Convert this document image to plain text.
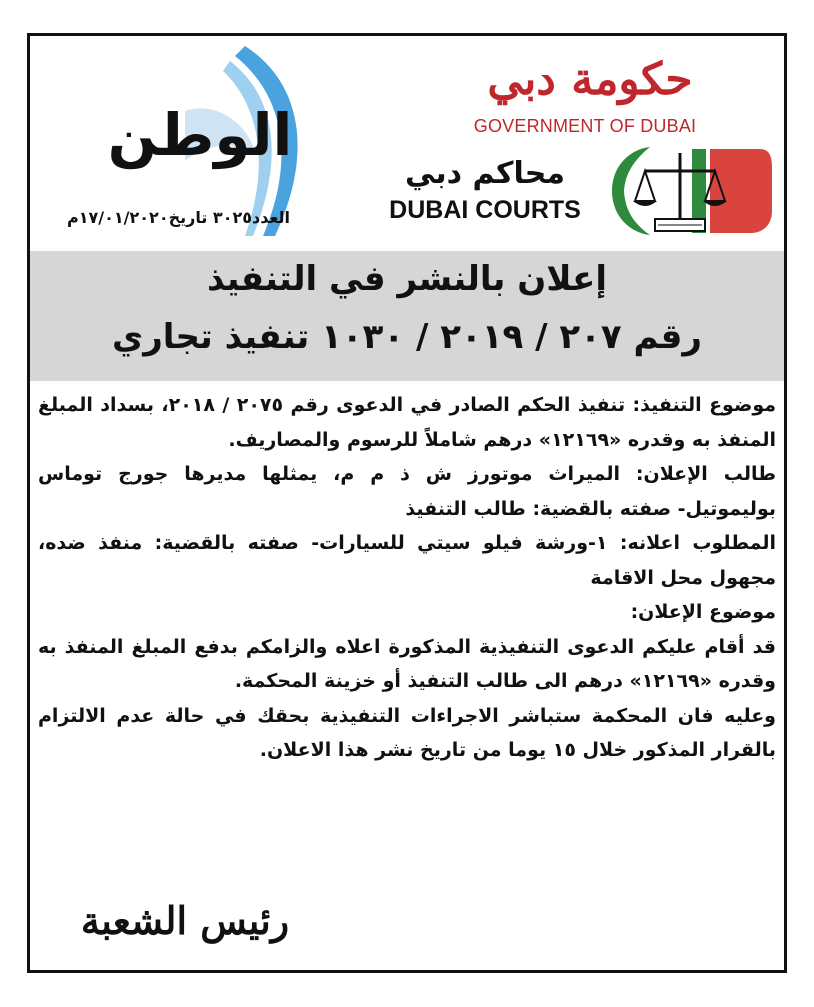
الوطن
العدد٣٠٢٥ تاريخ١٧/٠١/٢٠٢٠م
حكومة دبي
GOVERNMENT OF DUBAI
محاكم دبي
DUBAI COURTS
إعلان بالنشر في التنفيذ
رقم ٢٠٧ / ٢٠١٩ / ١٠٣٠ تنفيذ تجاري

موضوع التنفيذ: تنفيذ الحكم الصادر في الدعوى رقم ٢٠٧٥ / ٢٠١٨، بسداد المبلغ المنفذ به وقدره «١٢١٦٩» درهم شاملاً للرسوم والمصاريف.

طالب الإعلان: الميراث موتورز ش ذ م م، يمثلها مديرها جورج توماس بوليموتيل- صفته بالقضية: طالب التنفيذ

المطلوب اعلانه: ١-ورشة فيلو سيتي للسيارات- صفته بالقضية: منفذ ضده، مجهول محل الاقامة

موضوع الإعلان:

قد أقام عليكم الدعوى التنفيذية المذكورة اعلاه والزامكم بدفع المبلغ المنفذ به وقدره «١٢١٦٩» درهم الى طالب التنفيذ أو خزينة المحكمة.

وعليه فان المحكمة ستباشر الاجراءات التنفيذية بحقك في حالة عدم الالتزام بالقرار المذكور خلال ١٥ يوما من تاريخ نشر هذا الاعلان.

رئيس الشعبة
